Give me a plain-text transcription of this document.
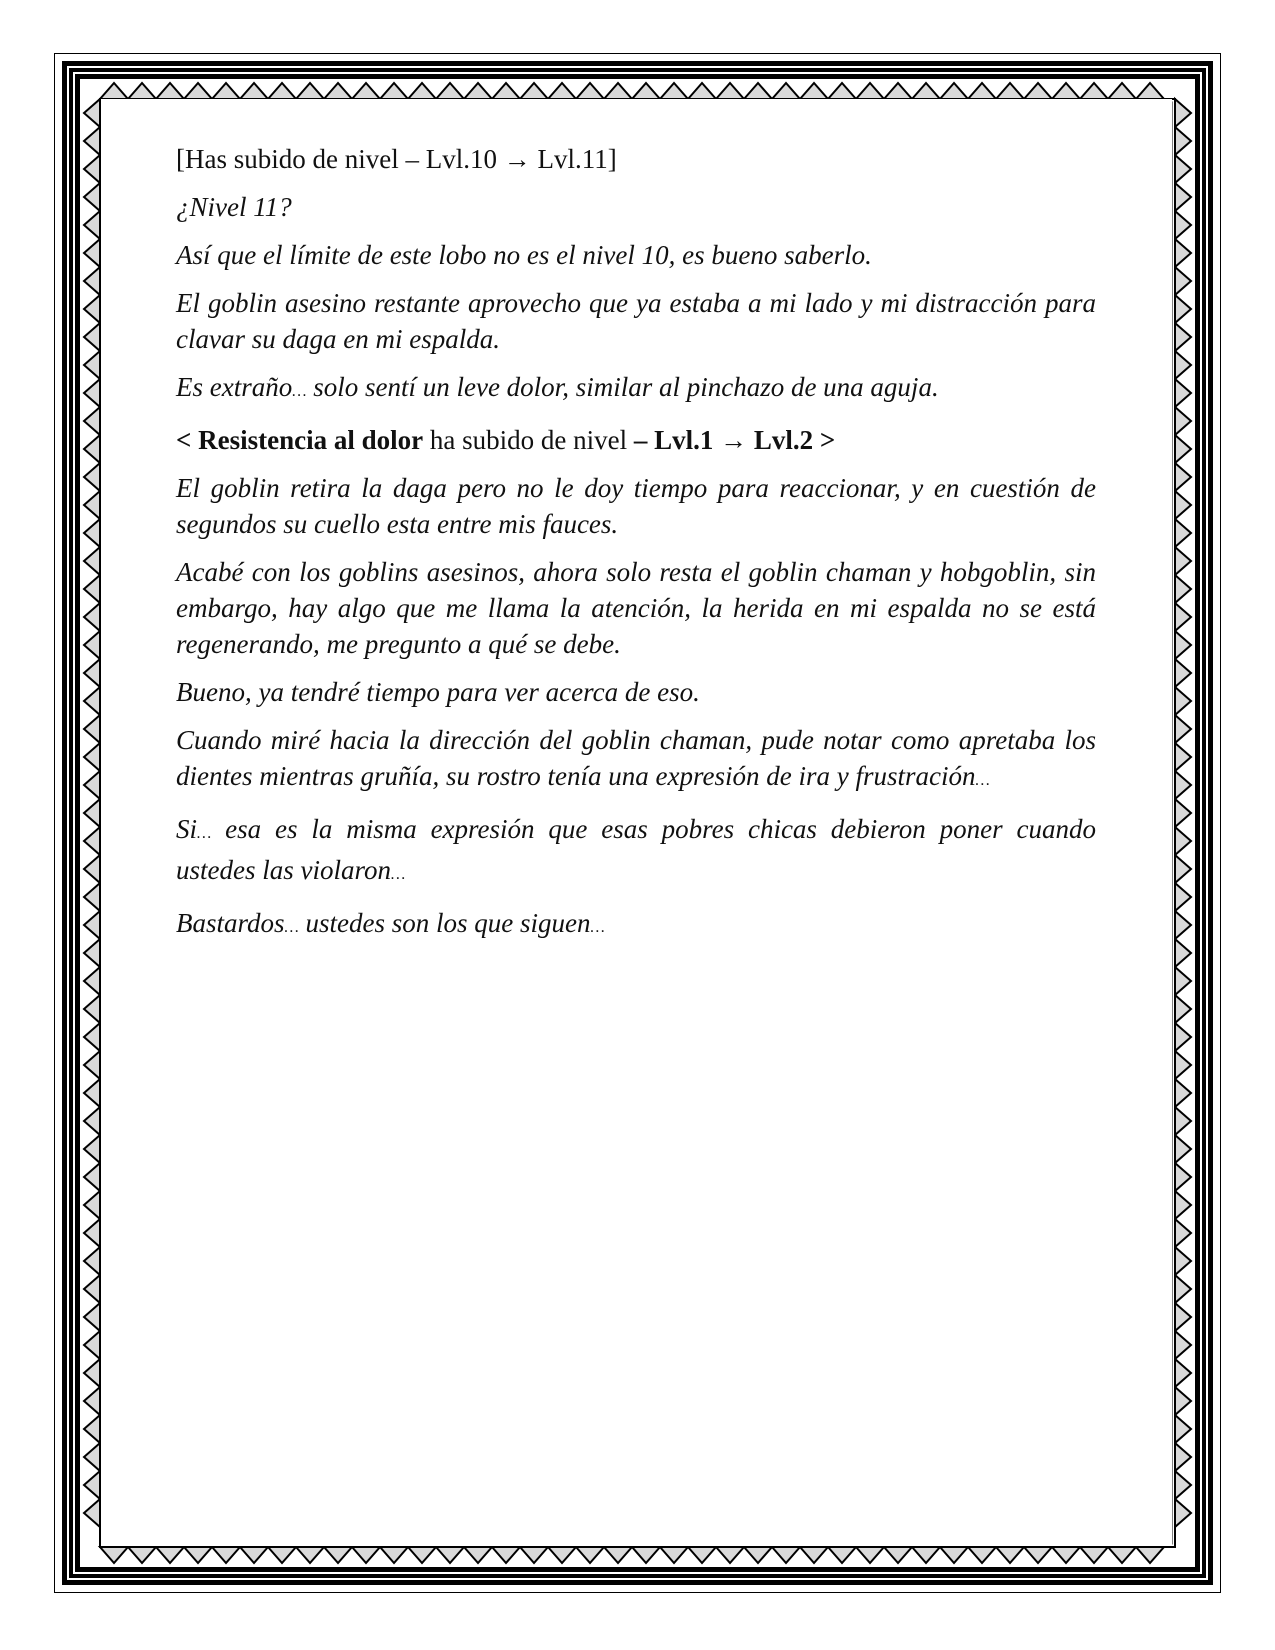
[Has subido de nivel – Lvl.10 → Lvl.11]

¿Nivel 11?

Así que el límite de este lobo no es el nivel 10, es bueno saberlo.

El goblin asesino restante aprovecho que ya estaba a mi lado y mi distracción para clavar su daga en mi espalda.

Es extraño… solo sentí un leve dolor, similar al pinchazo de una aguja.

< Resistencia al dolor ha subido de nivel – Lvl.1 → Lvl.2 >

El goblin retira la daga pero no le doy tiempo para reaccionar, y en cuestión de segundos su cuello esta entre mis fauces.

Acabé con los goblins asesinos, ahora solo resta el goblin chaman y hobgoblin, sin embargo, hay algo que me llama la atención, la herida en mi espalda no se está regenerando, me pregunto a qué se debe.

Bueno, ya tendré tiempo para ver acerca de eso.

Cuando miré hacia la dirección del goblin chaman, pude notar como apretaba los dientes mientras gruñía, su rostro tenía una expresión de ira y frustración…

Si… esa es la misma expresión que esas pobres chicas debieron poner cuando ustedes las violaron…

Bastardos… ustedes son los que siguen…
